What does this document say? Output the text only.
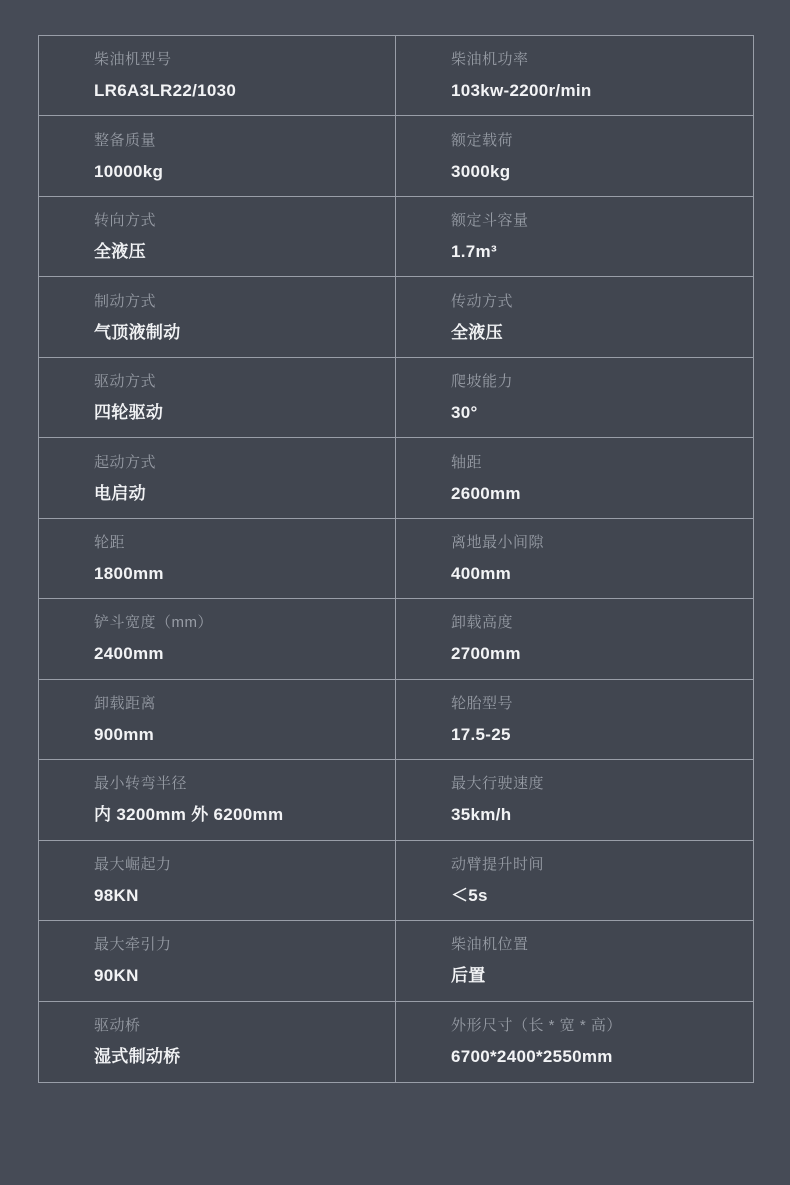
柴油机型号
LR6A3LR22/1030
柴油机功率
103kw-2200r/min
整备质量
10000kg
额定载荷
3000kg
转向方式
全液压
额定斗容量
1.7m³
制动方式
气顶液制动
传动方式
全液压
驱动方式
四轮驱动
爬坡能力
30°
起动方式
电启动
轴距
2600mm
轮距
1800mm
离地最小间隙
400mm
铲斗宽度（mm）
2400mm
卸载高度
2700mm
卸载距离
900mm
轮胎型号
17.5-25
最小转弯半径
内 3200mm 外 6200mm
最大行驶速度
35km/h
最大崛起力
98KN
动臂提升时间
＜5s
最大牵引力
90KN
柴油机位置
后置
驱动桥
湿式制动桥
外形尺寸（长 * 宽 * 高）
6700*2400*2550mm
